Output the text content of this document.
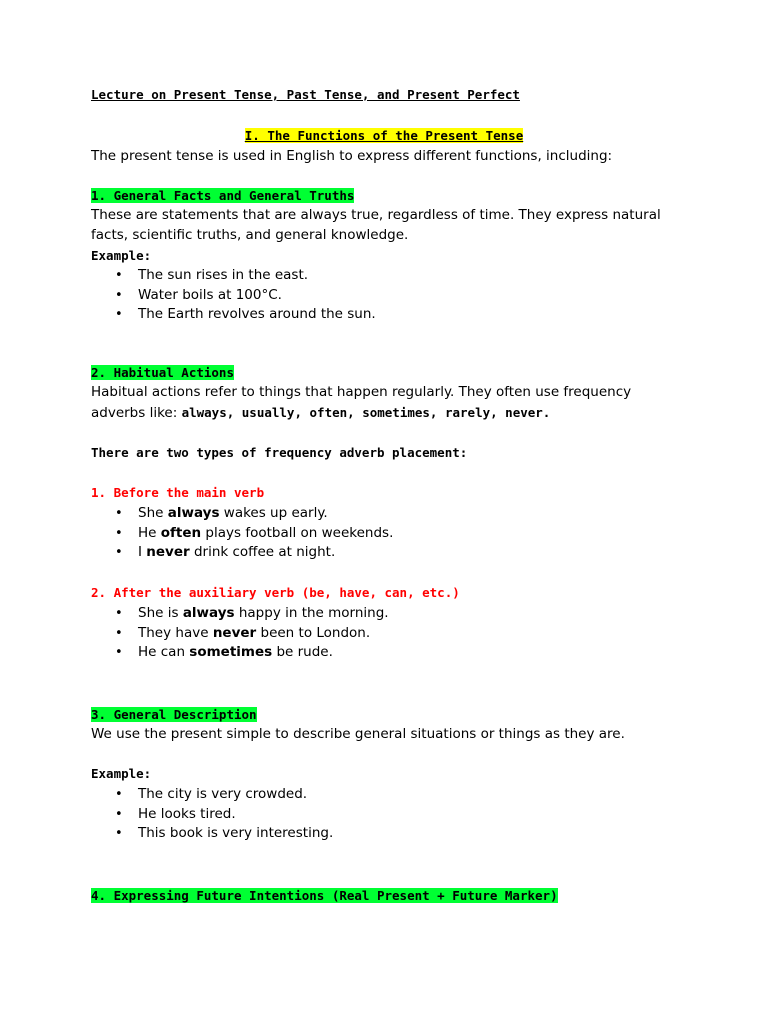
Lecture on Present Tense, Past Tense, and Present Perfect
I. The Functions of the Present Tense
The present tense is used in English to express different functions, including:
1. General Facts and General Truths
These are statements that are always true, regardless of time. They express natural
facts, scientific truths, and general knowledge.
Example:
• The sun rises in the east.
• Water boils at 100°C.
• The Earth revolves around the sun.
2. Habitual Actions
Habitual actions refer to things that happen regularly. They often use frequency
adverbs like: always, usually, often, sometimes, rarely, never.
There are two types of frequency adverb placement:
1. Before the main verb
• She always wakes up early.
• He often plays football on weekends.
• I never drink coffee at night.
2. After the auxiliary verb (be, have, can, etc.)
• She is always happy in the morning.
• They have never been to London.
• He can sometimes be rude.
3. General Description
We use the present simple to describe general situations or things as they are.
Example:
• The city is very crowded.
• He looks tired.
• This book is very interesting.
4. Expressing Future Intentions (Real Present + Future Marker)
